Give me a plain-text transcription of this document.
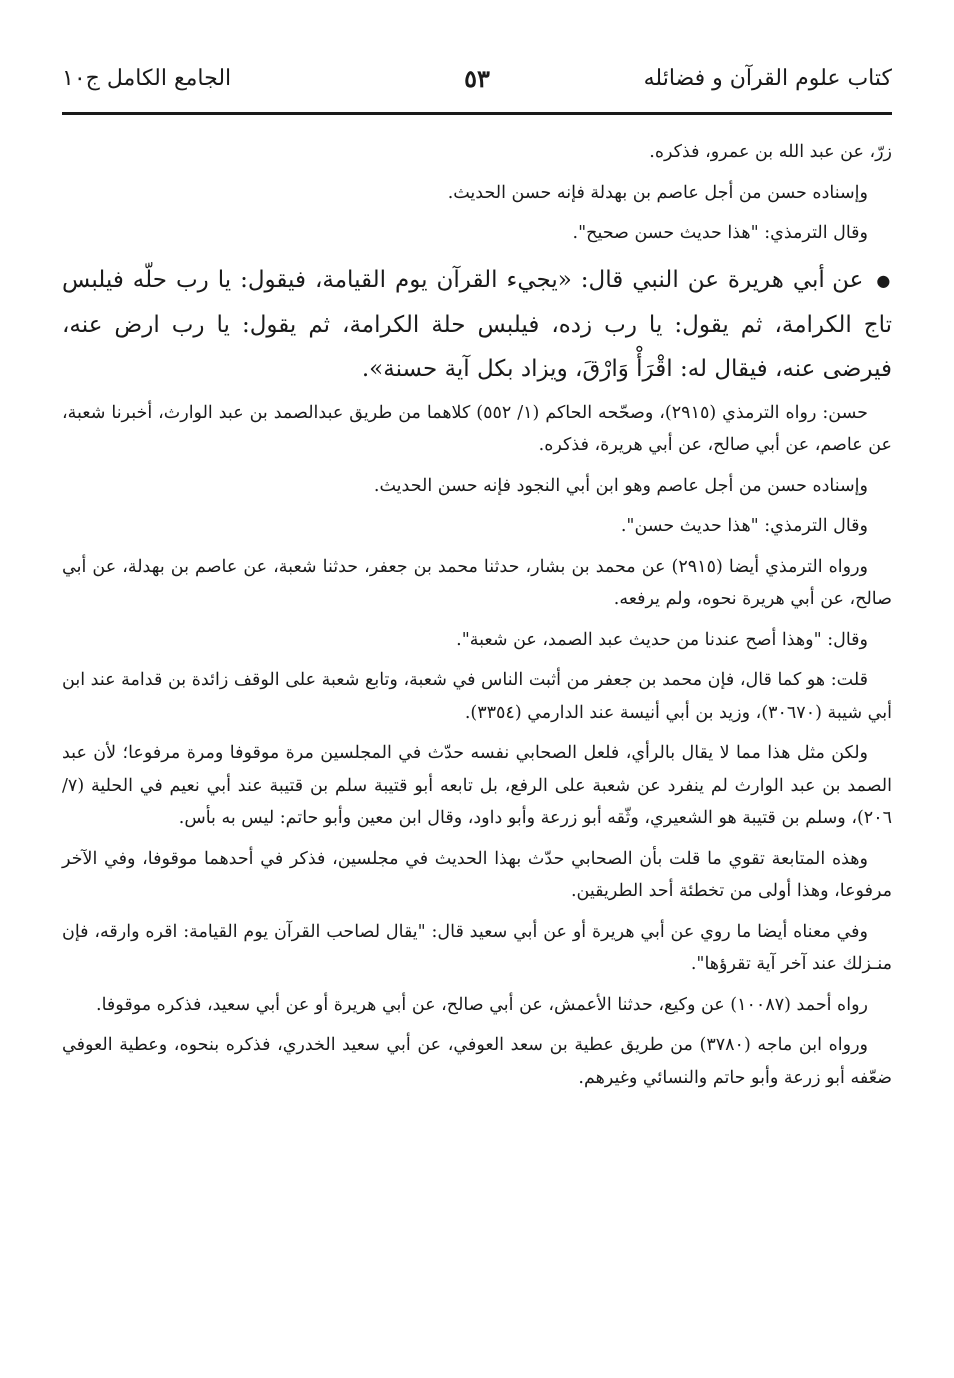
كتاب علوم القرآن و فضائله
٥٣
الجامع الكامل ج١٠

زرّ، عن عبد الله بن عمرو، فذكره.

وإسناده حسن من أجل عاصم بن بهدلة فإنه حسن الحديث.

وقال الترمذي: "هذا حديث حسن صحيح".

● عن أبي هريرة عن النبي قال: «يجيء القرآن يوم القيامة، فيقول: يا رب حلّه فيلبس تاج الكرامة، ثم يقول: يا رب زده، فيلبس حلة الكرامة، ثم يقول: يا رب ارض عنه، فيرضى عنه، فيقال له: اقْرَأْ وَارْقَ، ويزاد بكل آية حسنة».

حسن: رواه الترمذي (٢٩١٥)، وصحّحه الحاكم (١/ ٥٥٢) كلاهما من طريق عبدالصمد بن عبد الوارث، أخبرنا شعبة، عن عاصم، عن أبي صالح، عن أبي هريرة، فذكره.

وإسناده حسن من أجل عاصم وهو ابن أبي النجود فإنه حسن الحديث.

وقال الترمذي: "هذا حديث حسن".

ورواه الترمذي أيضا (٢٩١٥) عن محمد بن بشار، حدثنا محمد بن جعفر، حدثنا شعبة، عن عاصم بن بهدلة، عن أبي صالح، عن أبي هريرة نحوه، ولم يرفعه.

وقال: "وهذا أصح عندنا من حديث عبد الصمد، عن شعبة".

قلت: هو كما قال، فإن محمد بن جعفر من أثبت الناس في شعبة، وتابع شعبة على الوقف زائدة بن قدامة عند ابن أبي شيبة (٣٠٦٧٠)، وزيد بن أبي أنيسة عند الدارمي (٣٣٥٤).

ولكن مثل هذا مما لا يقال بالرأي، فلعل الصحابي نفسه حدّث في المجلسين مرة موقوفا ومرة مرفوعا؛ لأن عبد الصمد بن عبد الوارث لم ينفرد عن شعبة على الرفع، بل تابعه أبو قتيبة سلم بن قتيبة عند أبي نعيم في الحلية (٧/ ٢٠٦)، وسلم بن قتيبة هو الشعيري، وثّقه أبو زرعة وأبو داود، وقال ابن معين وأبو حاتم: ليس به بأس.

وهذه المتابعة تقوي ما قلت بأن الصحابي حدّث بهذا الحديث في مجلسين، فذكر في أحدهما موقوفا، وفي الآخر مرفوعا، وهذا أولى من تخطئة أحد الطريقين.

وفي معناه أيضا ما روي عن أبي هريرة أو عن أبي سعيد قال: "يقال لصاحب القرآن يوم القيامة: اقره وارقه، فإن منـزلك عند آخر آية تقرؤها".

رواه أحمد (١٠٠٨٧) عن وكيع، حدثنا الأعمش، عن أبي صالح، عن أبي هريرة أو عن أبي سعيد، فذكره موقوفا.

ورواه ابن ماجه (٣٧٨٠) من طريق عطية بن سعد العوفي، عن أبي سعيد الخدري، فذكره بنحوه، وعطية العوفي ضعّفه أبو زرعة وأبو حاتم والنسائي وغيرهم.
